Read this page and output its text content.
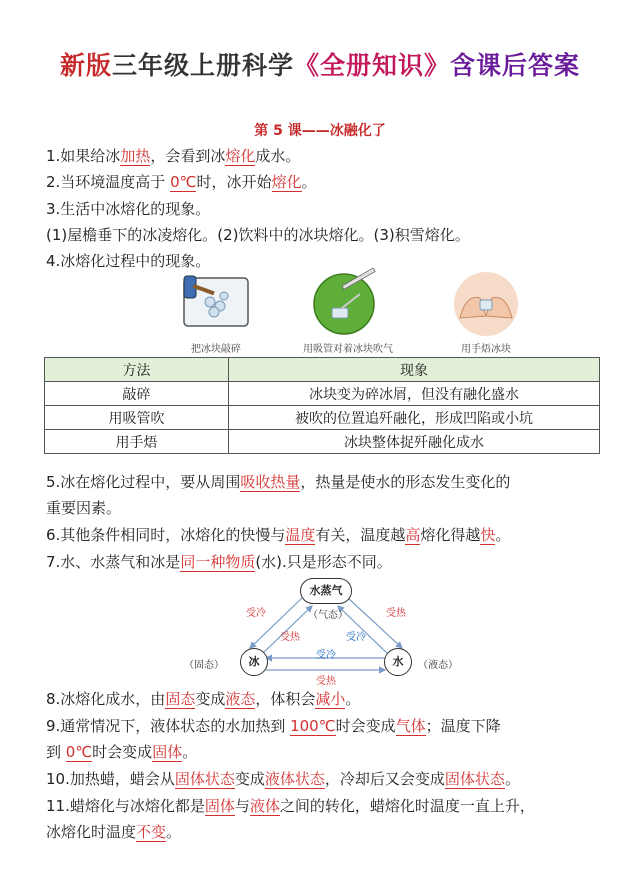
新版三年级上册科学《全册知识》含课后答案
第 5 课——冰融化了
1.如果给冰加热，会看到冰熔化成水。
2.当环境温度高于 0℃时，冰开始熔化。
3.生活中冰熔化的现象。
(1)屋檐垂下的冰凌熔化。(2)饮料中的冰块熔化。(3)积雪熔化。
4.冰熔化过程中的现象。
把冰块敲碎	用吸管对着冰块吹气	用手焐冰块
方法	现象
敲碎	冰块变为碎冰屑，但没有融化盛水
用吸管吹	被吹的位置追歼融化，形成凹陷或小坑
用手焐	冰块整体捉歼融化成水
5.冰在熔化过程中，要从周围吸收热量，热量是使水的形态发生变化的
重要因素。
6.其他条件相同时，冰熔化的快慢与温度有关，温度越高熔化得越快。
7.水、水蒸气和冰是同一种物质(水).只是形态不同。
水蒸气
（气态）
冰
（固态）	水	（液态）
受冷
受热
受热
受冷
受冷
受热
8.冰熔化成水，由固态变成液态，体积会减小。
9.通常情况下，液体状态的水加热到 100℃时会变成气体；温度下降
到 0℃时会变成固体。
10.加热蜡，蜡会从固体状态变成液体状态，冷却后又会变成固体状态。
11.蜡熔化与冰熔化都是固体与液体之间的转化，蜡熔化时温度一直上升，
冰熔化时温度不变。
